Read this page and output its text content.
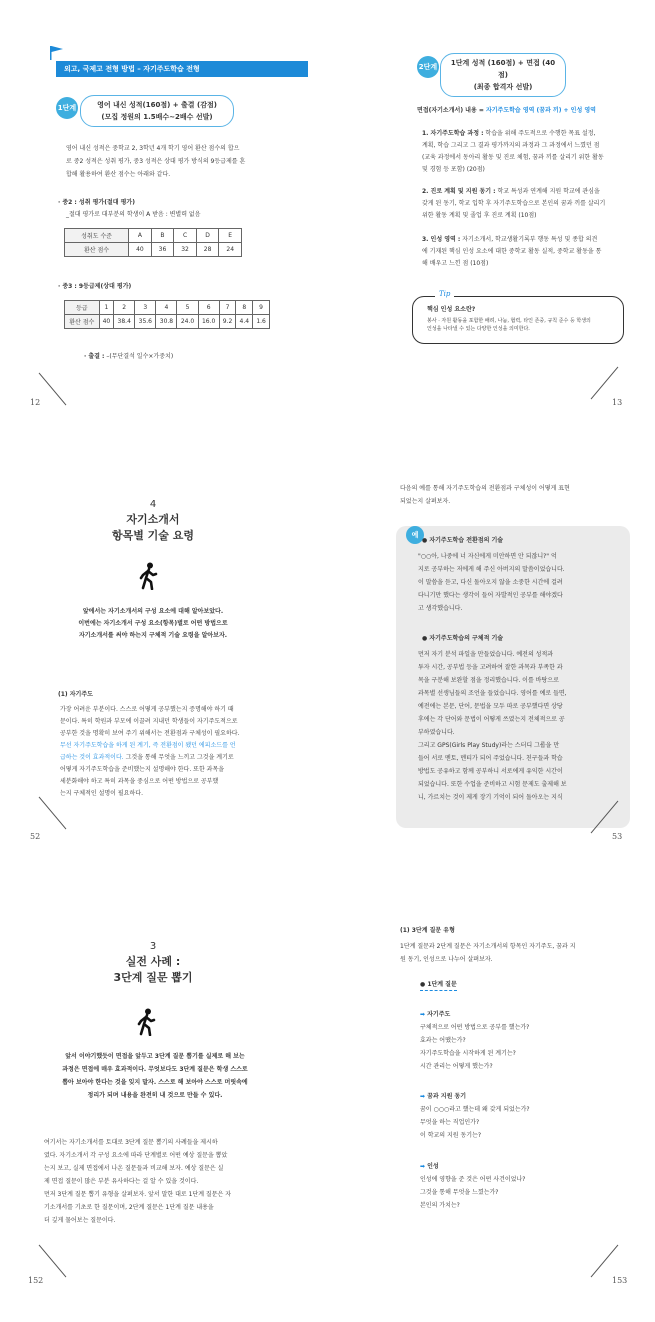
외고, 국제고 전형 방법 – 자기주도학습 전형
1단계	영어 내신 성적(160점) + 출결 (감점)
(모집 정원의 1.5배수~2배수 선발)
영어 내신 성적은 중학교 2, 3학년 4개 학기 영어 환산 점수의 합으
로 중2 성적은 성취 평가, 중3 성적은 상대 평가 방식의 9등급제를 혼
합해 활용하여 환산 점수는 아래와 같다.
· 중2 : 성취 평가(절대 평가)
_절대 평가로 대부분의 학생이 A 받음 : 변별력 없음
성취도 수준	A	B	C	D	E
환산 점수	40	36	32	28	24
· 중3 : 9등급제(상대 평가)
등급	1	2	3	4	5	6	7	8	9
환산 점수	40	38.4	35.6	30.8	24.0	16.0	9.2	4.4	1.6
· 출결 : –(무단결석 일수×가중치)
12
2단계	1단계 성적 (160점) + 면접 (40점)
(최종 합격자 선발)
면접(자기소개서) 내용 = 자기주도학습 영역 (꿈과 끼) + 인성 영역
1. 자기주도학습 과정 : 학습을 위해 주도적으로 수행한 목표 설정,
계획, 학습 그리고 그 결과 평가까지의 과정과 그 과정에서 느꼈던 점
(교육 과정에서 동아리 활동 및 진로 체험, 꿈과 끼를 살리기 위한 활동
및 경험 등 포함) (20점)
2. 진로 계획 및 지원 동기 : 학교 특성과 연계해 지원 학교에 관심을
갖게 된 동기, 학교 입학 후 자기주도학습으로 본인의 꿈과 끼를 살리기
위한 활동 계획 및 졸업 후 진로 계획 (10점)
3. 인성 영역 : 자기소개서, 학교생활기록부 행동 특성 및 종합 의견
에 기재된 핵심 인성 요소에 대한 중학교 활동 실적, 중학교 활동을 통
해 배우고 느낀 점 (10점)
Tip
핵심 인성 요소란?
봉사 · 자원 활동을 포함한 배려, 나눔, 협력, 타인 존중, 규칙 준수 등 학생의
인성을 나타낼 수 있는 다양한 인성을 의미한다.
13
4
자기소개서
항목별 기술 요령
앞에서는 자기소개서의 구성 요소에 대해 알아보았다.
이번에는 자기소개서 구성 요소(항목)별로 어떤 방법으로
자기소개서를 써야 하는지 구체적 기술 요령을 알아보자.
(1) 자기주도
가장 어려운 부분이다. 스스로 어떻게 공부했는지 증명해야 하기 때
문이다. 특히 학원과 부모에 이끌려 지내던 학생들이 자기주도적으로
공부한 것을 명확히 보여 주기 위해서는 전환점과 구체성이 필요하다.
무선 자기주도학습을 하게 된 계기, 즉 전환점이 됐던 에피소드를 언
급하는 것이 효과적이다. 그것을 통해 무엇을 느끼고 그것을 계기로
어떻게 자기주도학습을 준비했는지 설명해야 한다. 또한 과목을
세분화해야 하고 특히 과목을 중심으로 어떤 방법으로 공부했
는지 구체적인 설명이 필요하다.
52
다음의 예를 통해 자기주도학습의 전환점과 구체성이 어떻게 표현
되었는지 살펴보자.
예
● 자기주도학습 전환점의 기술
"○○아, 나중에 너 자신에게 미안하면 안 되잖니?" 억
지로 공부하는 저에게 해 주신 아버지의 말씀이었습니다.
이 말씀을 듣고, 다신 돌아오지 않을 소중한 시간에 걸려
다니기만 했다는 생각이 들어 자발적인 공부를 해야겠다
고 생각했습니다.
● 자기주도학습의 구체적 기술
먼저 자기 분석 파일을 만들었습니다. 예전의 성적과
투자 시간, 공부법 등을 고려하여 잘한 과목과 부족한 과
목을 구분해 보완할 점을 정리했습니다. 이를 바탕으로
과목별 선생님들의 조언을 들었습니다. 영어를 예로 들면,
예전에는 본문, 단어, 문법을 모두 따로 공부했다면 상당
후에는 각 단어와 문법이 어떻게 쓰였는지 전체적으로 공
부하였습니다.
그리고 GPS(Girls Play Study)라는 스터디 그룹을 만
들어 서로 멘토, 멘티가 되어 주었습니다. 친구들과 학습
방법도 공유하고 함께 공부하니 서로에게 유익한 시간이
되었습니다. 또한 수업을 준비하고 시험 문제도 출제해 보
니, 가르치는 것이 제게 장기 기억이 되어 돌아오는 지식
53
3
실전 사례 :
3단계 질문 뽑기
앞서 이야기했듯이 면접을 앞두고 3단계 질문 뽑기를 실제로 해 보는
과정은 면접에 매우 효과적이다. 무엇보다도 3단계 질문은 학생 스스로
뽑아 보아야 한다는 것을 잊지 말자. 스스로 해 보아야 스스로 머릿속에
정리가 되며 내용을 완전히 내 것으로 만들 수 있다.
여기서는 자기소개서를 토대로 3단계 질문 뽑기의 사례들을 제시하
였다. 자기소개서 각 구성 요소에 따라 단계별로 어떤 예상 질문을 뽑았
는지 보고, 실제 면접에서 나온 질문들과 비교해 보자. 예상 질문은 실
제 면접 질문이 많은 부분 유사하다는 걸 알 수 있을 것이다.
먼저 3단계 질문 뽑기 유형을 살펴보자. 앞서 말한 대로 1단계 질문은 자
기소개서를 기초로 한 질문이며, 2단계 질문은 1단계 질문 내용을
더 깊게 물어보는 질문이다.
152
(1) 3단계 질문 유형
1단계 질문과 2단계 질문은 자기소개서의 항목인 자기주도, 꿈과 지
원 동기, 인성으로 나누어 살펴보자.
● 1단계 질문
➡ 자기주도
구체적으로 어떤 방법으로 공부를 했는가?
효과는 어땠는가?
자기주도학습을 시작하게 된 계기는?
시간 관리는 어떻게 했는가?
➡ 꿈과 지원 동기
꿈이 ○○○라고 했는데 왜 갖게 되었는가?
무엇을 하는 직업인가?
이 학교의 지원 동기는?
➡ 인성
인성에 영향을 준 것은 어떤 사건이었나?
그것을 통해 무엇을 느꼈는가?
본인의 가치는?
153
